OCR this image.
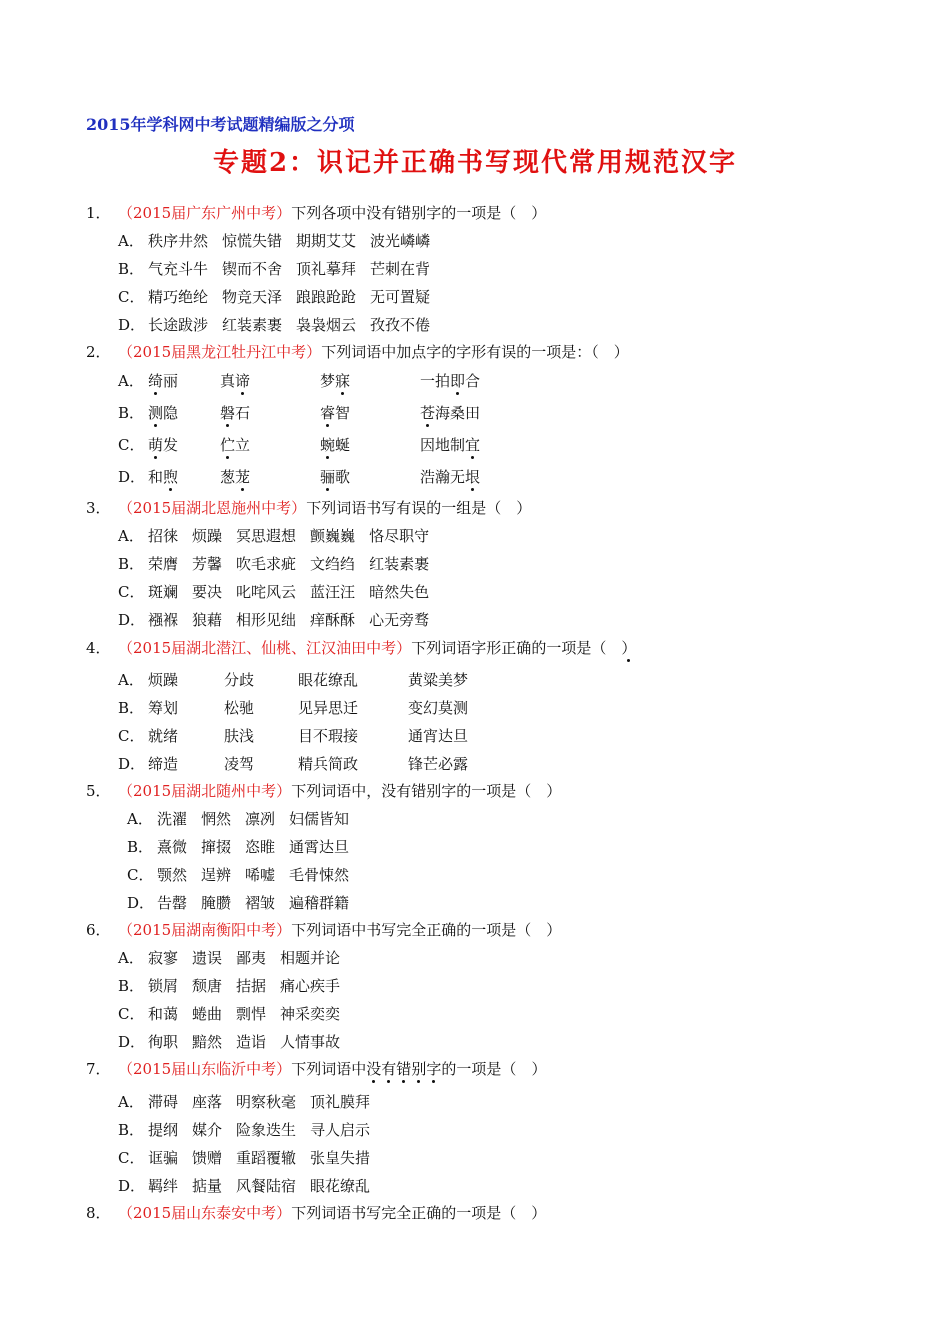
2015年学科网中考试题精编版之分项
专题2：识记并正确书写现代常用规范汉字
1． （2015届广东广州中考）下列各项中没有错别字的一项是（　）
A． 秩序井然 惊慌失错 期期艾艾 波光嶙嶙
B． 气充斗牛 锲而不舍 顶礼摹拜 芒刺在背
C． 精巧绝纶 物竞天泽 踉踉跄跄 无可置疑
D． 长途跋涉 红装素裹 袅袅烟云 孜孜不倦
2． （2015届黑龙江牡丹江中考）下列词语中加点字的字形有误的一项是：（　）
A． 绮丽	真谛	梦寐	一拍即合
B． 测隐	磐石	睿智	苍海桑田
C． 萌发	伫立	蜿蜒	因地制宜
D． 和煦	葱茏	骊歌	浩瀚无垠
3． （2015届湖北恩施州中考）下列词语书写有误的一组是（　）
A． 招徕 烦躁 冥思遐想 颤巍巍 恪尽职守
B． 荣膺 芳馨 吹毛求疵 文绉绉 红装素裹
C． 斑斓 要决 叱咤风云 蓝汪汪 暗然失色
D． 襁褓 狼藉 相形见绌 痒酥酥 心无旁骛
4． （2015届湖北潜江、仙桃、江汉油田中考）下列词语字形正确的一项是（　 ）
A． 烦躁	分歧	眼花缭乱	黄粱美梦
B． 筹划	松驰	见异思迁	变幻莫测
C． 就绪	肤浅	目不瑕接	通宵达旦
D． 缔造	凌驾	精兵简政	锋芒必露
5． （2015届湖北随州中考）下列词语中，没有错别字的一项是（　）
A． 洗濯 惘然 凛冽 妇儒皆知
B． 熹微 撺掇 恣睢 通霄达旦
C． 颚然 逞辨 唏嘘 毛骨悚然
D． 告罄 腌臜 褶皱 遍稽群籍
6． （2015届湖南衡阳中考）下列词语中书写完全正确的一项是（　）
A． 寂寥 遗误 鄙夷 相题并论
B． 锁屑 颓唐 拮据 痛心疾手
C． 和蔼 蜷曲 剽悍 神采奕奕
D． 徇职 黯然 造诣 人情事故
7． （2015届山东临沂中考）下列词语中没有错别字的一项是（　 ）
A． 滞碍 座落 明察秋毫 顶礼膜拜
B． 提纲 媒介 险象迭生 寻人启示
C． 诓骗 馈赠 重蹈覆辙 张皇失措
D． 羁绊 掂量 风餐陆宿 眼花缭乱
8． （2015届山东泰安中考）下列词语书写完全正确的一项是（　）
